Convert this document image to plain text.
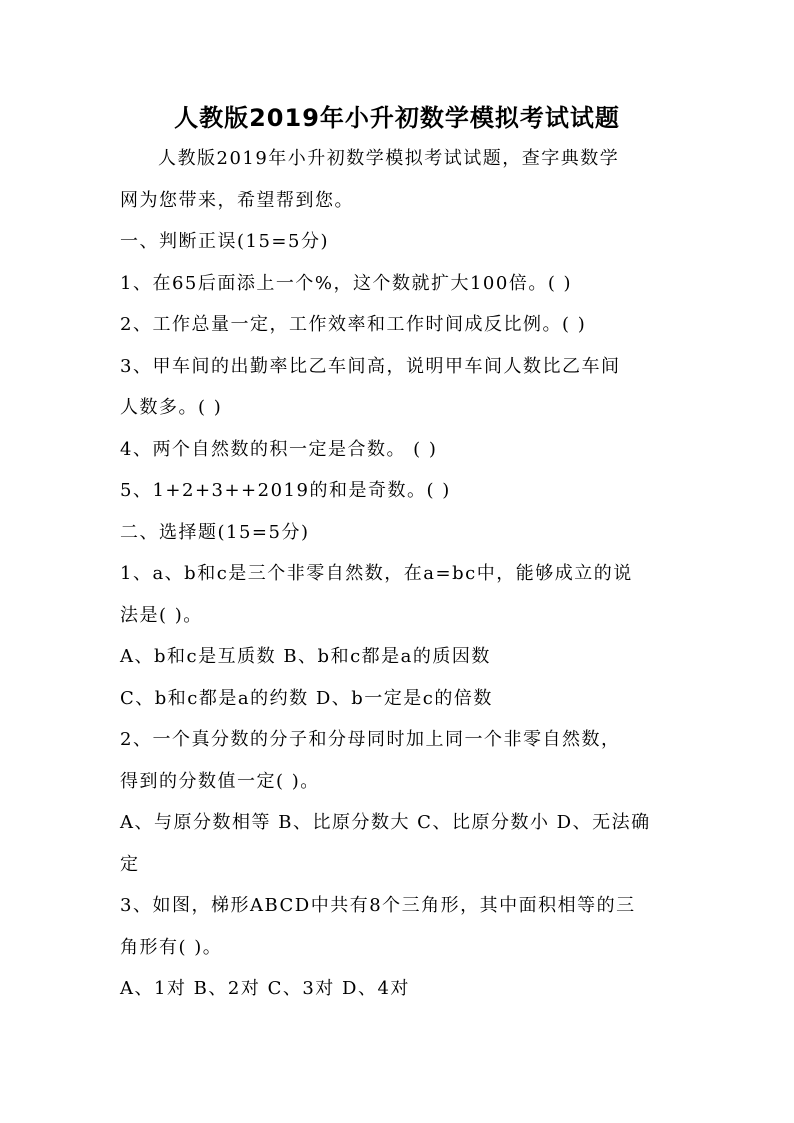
人教版2019年小升初数学模拟考试试题
人教版2019年小升初数学模拟考试试题，查字典数学
网为您带来，希望帮到您。
一、判断正误(15=5分)
1、在65后面添上一个%，这个数就扩大100倍。( )
2、工作总量一定，工作效率和工作时间成反比例。( )
3、甲车间的出勤率比乙车间高，说明甲车间人数比乙车间
人数多。( )
4、两个自然数的积一定是合数。 ( )
5、1+2+3++2019的和是奇数。( )
二、选择题(15=5分)
1、a、b和c是三个非零自然数，在a=bc中，能够成立的说
法是( )。
A、b和c是互质数 B、b和c都是a的质因数
C、b和c都是a的约数 D、b一定是c的倍数
2、一个真分数的分子和分母同时加上同一个非零自然数，
得到的分数值一定( )。
A、与原分数相等 B、比原分数大 C、比原分数小 D、无法确
定
3、如图，梯形ABCD中共有8个三角形，其中面积相等的三
角形有( )。
A、1对 B、2对 C、3对 D、4对
